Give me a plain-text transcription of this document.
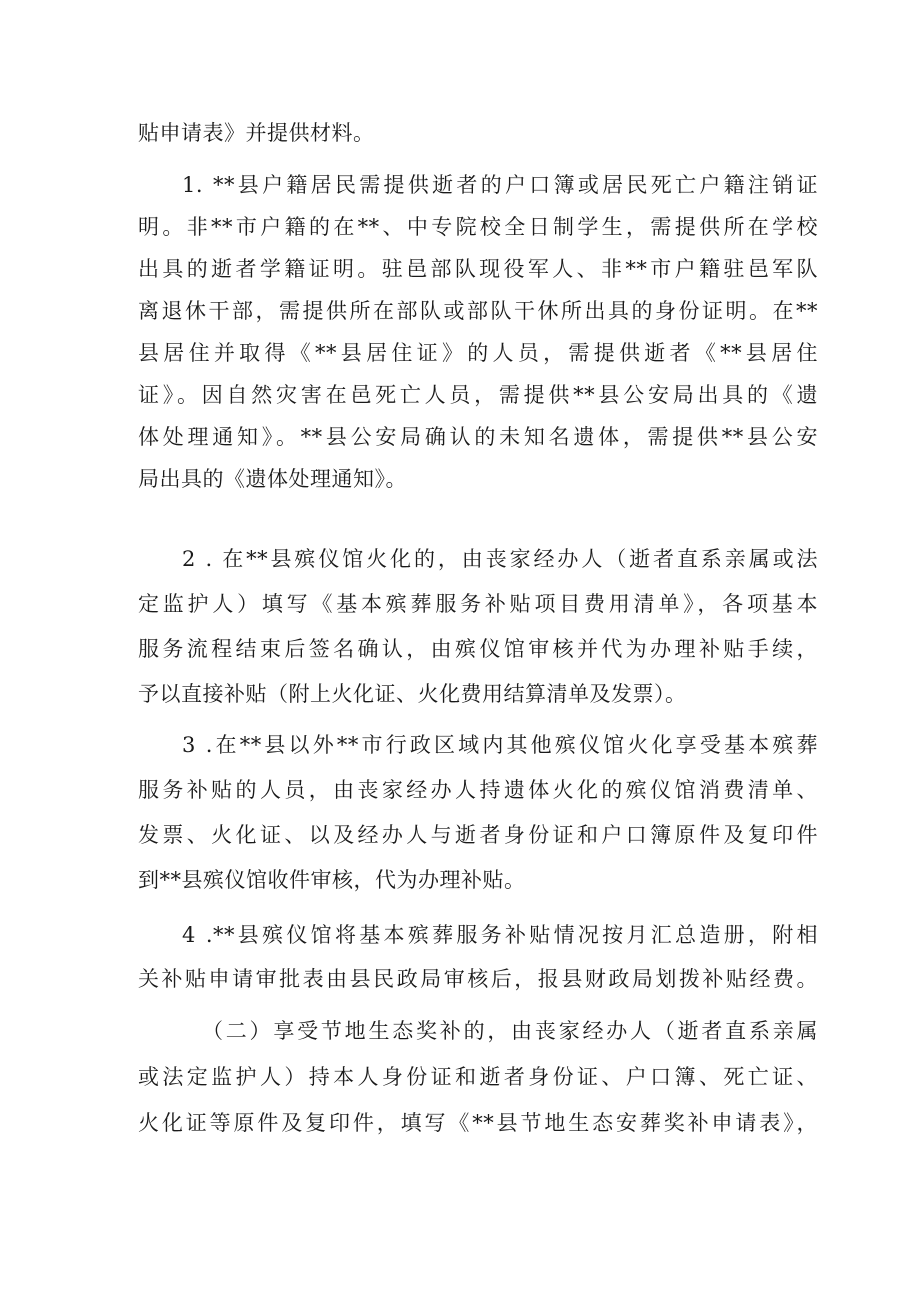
贴申请表》并提供材料。
1. **县户籍居民需提供逝者的户口簿或居民死亡户籍注销证
明。非**市户籍的在**、中专院校全日制学生，需提供所在学校
出具的逝者学籍证明。驻邑部队现役军人、非**市户籍驻邑军队
离退休干部，需提供所在部队或部队干休所出具的身份证明。在**
县居住并取得《**县居住证》的人员，需提供逝者《**县居住
证》。因自然灾害在邑死亡人员，需提供**县公安局出具的《遗
体处理通知》。**县公安局确认的未知名遗体，需提供**县公安
局出具的《遗体处理通知》。
2 . 在**县殡仪馆火化的，由丧家经办人（逝者直系亲属或法
定监护人）填写《基本殡葬服务补贴项目费用清单》，各项基本
服务流程结束后签名确认，由殡仪馆审核并代为办理补贴手续，
予以直接补贴（附上火化证、火化费用结算清单及发票）。
3 .在**县以外**市行政区域内其他殡仪馆火化享受基本殡葬
服务补贴的人员，由丧家经办人持遗体火化的殡仪馆消费清单、
发票、火化证、以及经办人与逝者身份证和户口簿原件及复印件
到**县殡仪馆收件审核，代为办理补贴。
4 .**县殡仪馆将基本殡葬服务补贴情况按月汇总造册，附相
关补贴申请审批表由县民政局审核后，报县财政局划拨补贴经费。
（二）享受节地生态奖补的，由丧家经办人（逝者直系亲属
或法定监护人）持本人身份证和逝者身份证、户口簿、死亡证、
火化证等原件及复印件，填写《**县节地生态安葬奖补申请表》，
